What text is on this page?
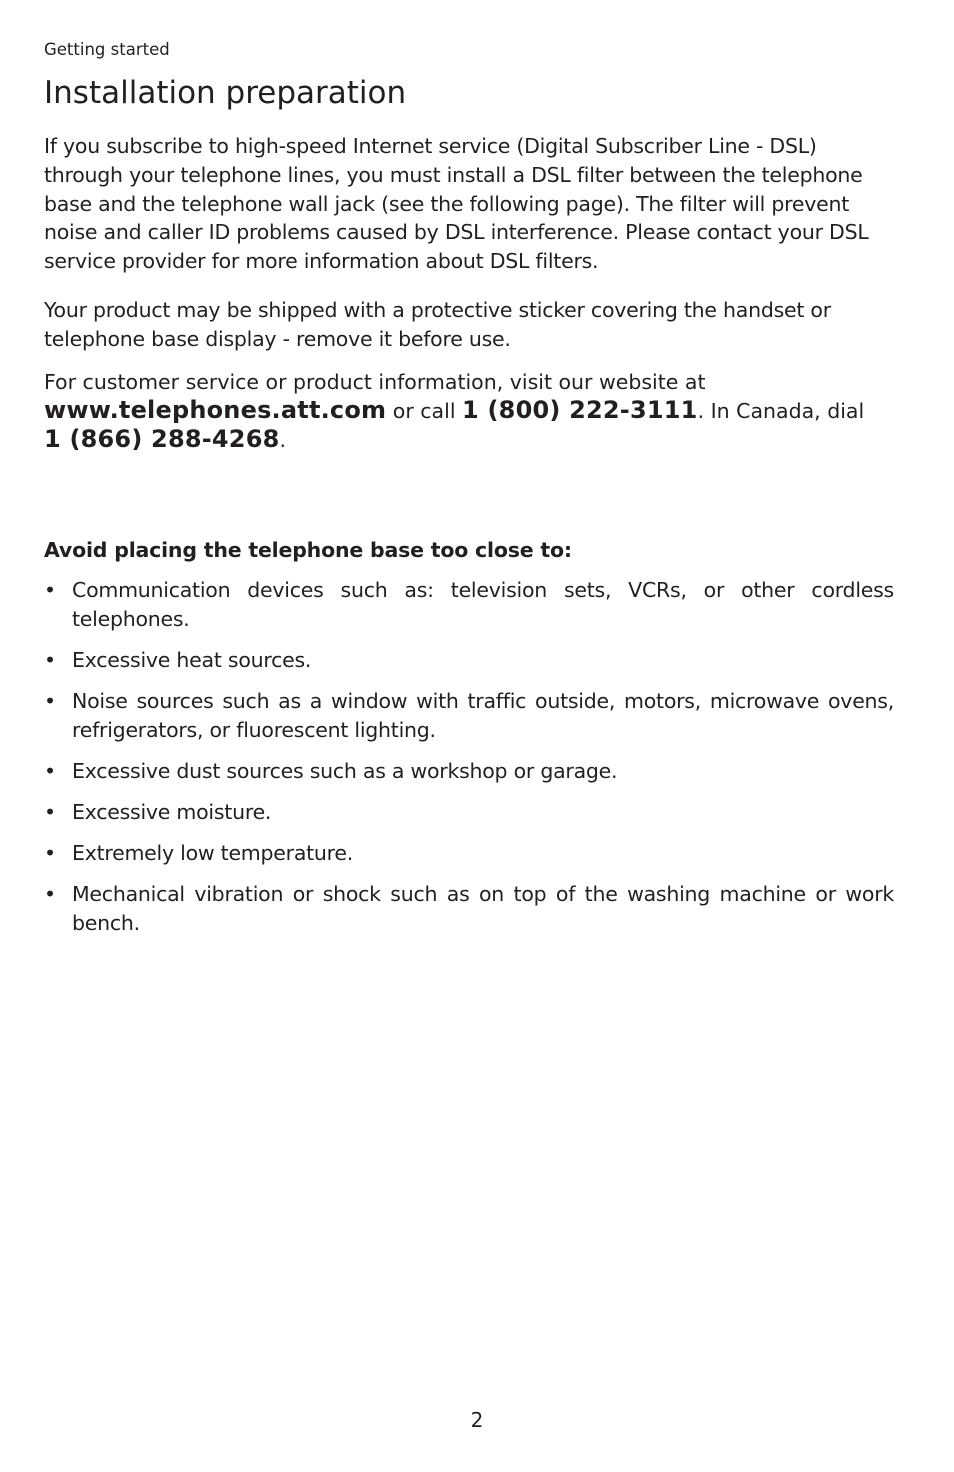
Getting started
Installation preparation

If you subscribe to high-speed Internet service (Digital Subscriber Line - DSL) through your telephone lines, you must install a DSL filter between the telephone base and the telephone wall jack (see the following page). The filter will prevent noise and caller ID problems caused by DSL interference. Please contact your DSL service provider for more information about DSL filters.

Your product may be shipped with a protective sticker covering the handset or telephone base display - remove it before use.

For customer service or product information, visit our website at
www.telephones.att.com or call 1 (800) 222-3111. In Canada, dial
1 (866) 288-4268.

Avoid placing the telephone base too close to:

• Communication devices such as: television sets, VCRs, or other cordless telephones.
• Excessive heat sources.
• Noise sources such as a window with traffic outside, motors, microwave ovens, refrigerators, or fluorescent lighting.
• Excessive dust sources such as a workshop or garage.
• Excessive moisture.
• Extremely low temperature.
• Mechanical vibration or shock such as on top of the washing machine or work bench.
2
